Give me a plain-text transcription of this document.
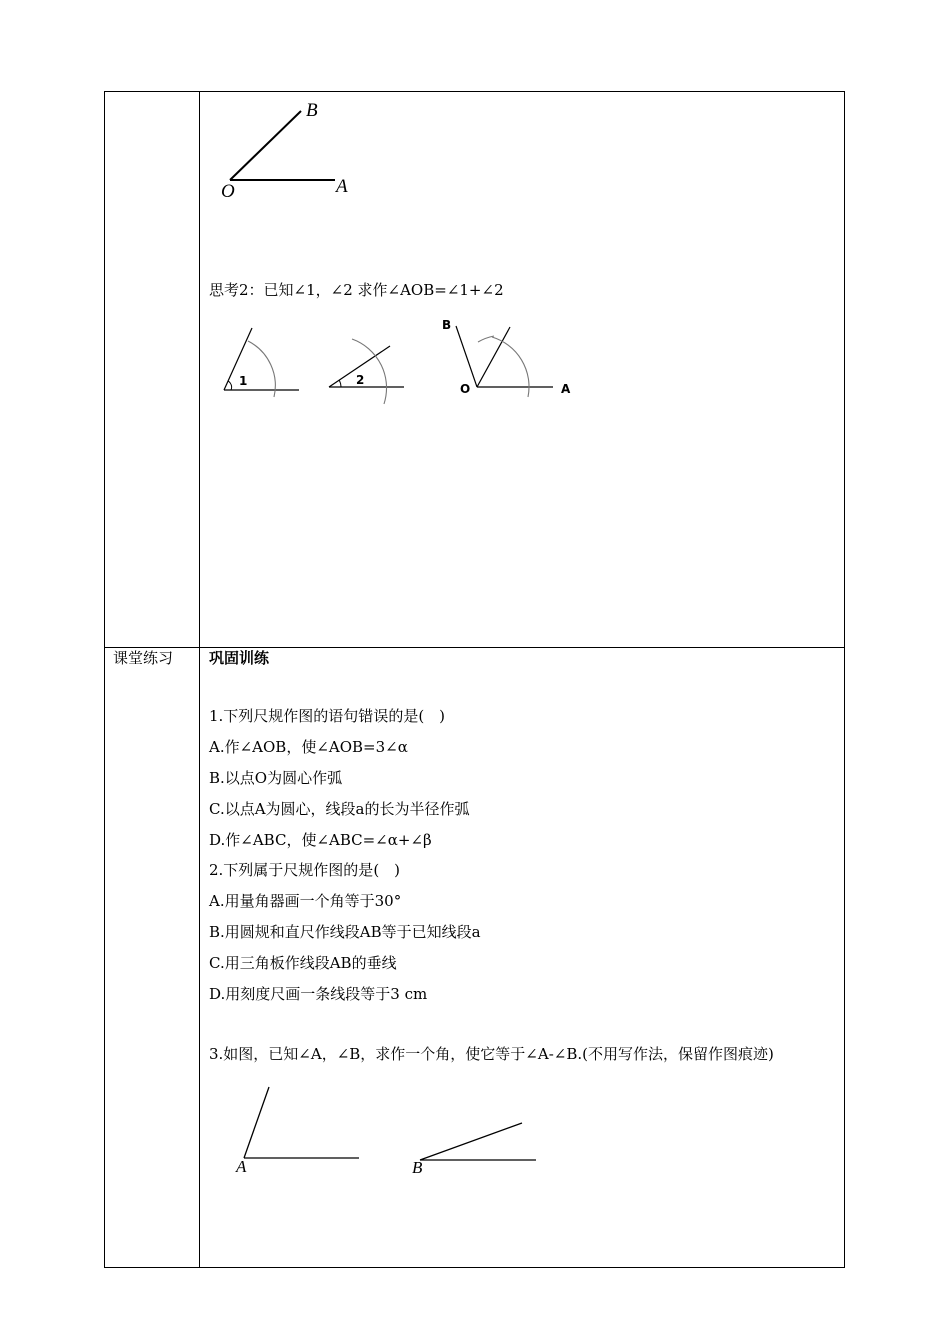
B
O	A
思考2：已知∠1，∠2 求作∠AOB=∠1+∠2
1	2
B
O	A
课堂练习 巩固训练
1.下列尺规作图的语句错误的是(　)
A.作∠AOB，使∠AOB=3∠α
B.以点O为圆心作弧
C.以点A为圆心，线段a的长为半径作弧
D.作∠ABC，使∠ABC=∠α+∠β
2.下列属于尺规作图的是(　)
A.用量角器画一个角等于30°
B.用圆规和直尺作线段AB等于已知线段a
C.用三角板作线段AB的垂线
D.用刻度尺画一条线段等于3 cm
3.如图，已知∠A，∠B，求作一个角，使它等于∠A-∠B.(不用写作法，保留作图痕迹)
A	B
